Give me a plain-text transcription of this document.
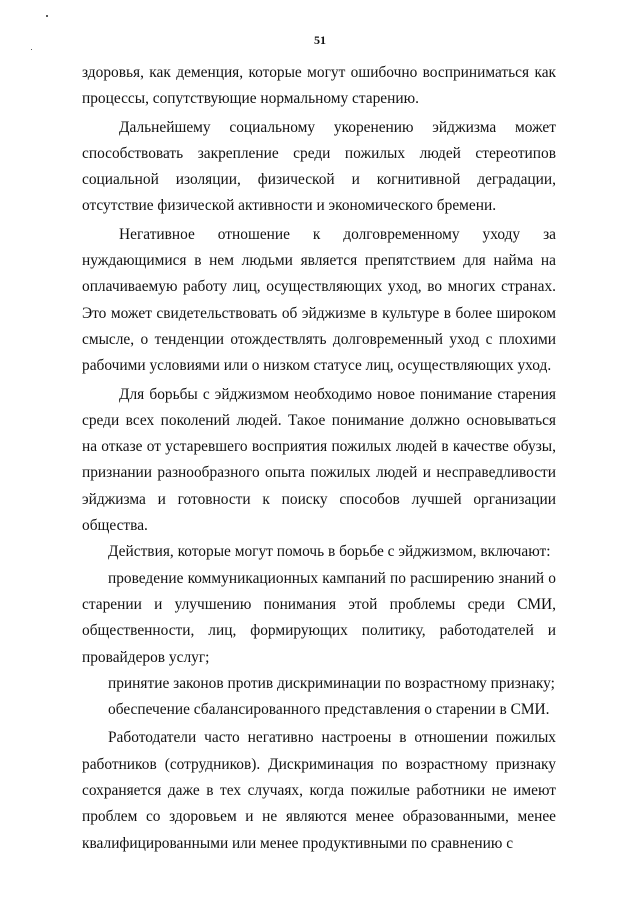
51

здоровья, как деменция, которые могут ошибочно восприниматься как процессы, сопутствующие нормальному старению.

Дальнейшему социальному укоренению эйджизма может способствовать закрепление среди пожилых людей стереотипов социальной изоляции, физической и когнитивной деградации, отсутствие физической активности и экономического бремени.

Негативное отношение к долговременному уходу за нуждающимися в нем людьми является препятствием для найма на оплачиваемую работу лиц, осуществляющих уход, во многих странах. Это может свидетельствовать об эйджизме в культуре в более широком смысле, о тенденции отождествлять долговременный уход с плохими рабочими условиями или о низком статусе лиц, осуществляющих уход.

Для борьбы с эйджизмом необходимо новое понимание старения среди всех поколений людей. Такое понимание должно основываться на отказе от устаревшего восприятия пожилых людей в качестве обузы, признании разнообразного опыта пожилых людей и несправедливости эйджизма и готовности к поиску способов лучшей организации общества.

Действия, которые могут помочь в борьбе с эйджизмом, включают:

проведение коммуникационных кампаний по расширению знаний о старении и улучшению понимания этой проблемы среди СМИ, общественности, лиц, формирующих политику, работодателей и провайдеров услуг;

принятие законов против дискриминации по возрастному признаку;

обеспечение сбалансированного представления о старении в СМИ.

Работодатели часто негативно настроены в отношении пожилых работников (сотрудников). Дискриминация по возрастному признаку сохраняется даже в тех случаях, когда пожилые работники не имеют проблем со здоровьем и не являются менее образованными, менее квалифицированными или менее продуктивными по сравнению с
